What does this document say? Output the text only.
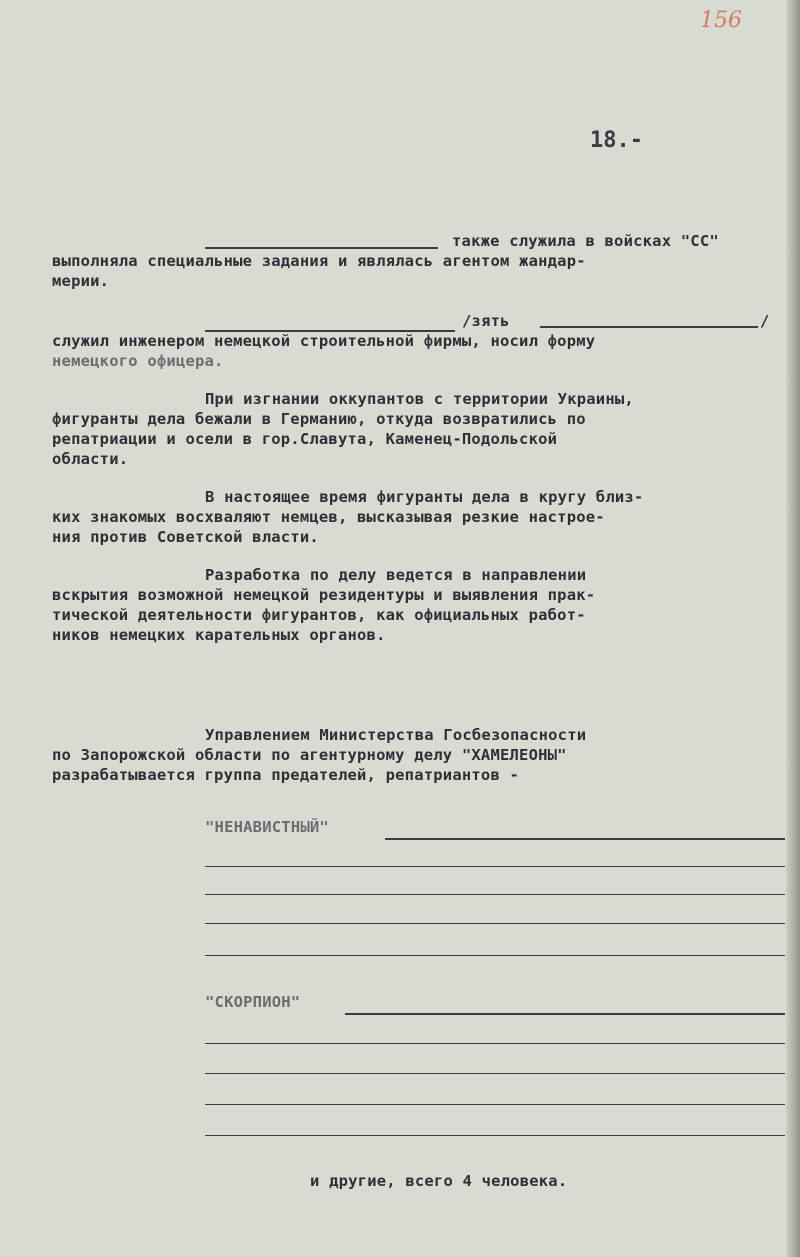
156
18.-
также служила в войсках "СС"
выполняла специальные задания и являлась агентом жандар-
мерии.
/зять	/
служил инженером немецкой строительной фирмы, носил форму
немецкого офицера.
При изгнании оккупантов с территории Украины,
фигуранты дела бежали в Германию, откуда возвратились по
репатриации и осели в гор.Славута, Каменец-Подольской
области.
В настоящее время фигуранты дела в кругу близ-
ких знакомых восхваляют немцев, высказывая резкие настрое-
ния против Советской власти.
Разработка по делу ведется в направлении
вскрытия возможной немецкой резидентуры и выявления прак-
тической деятельности фигурантов, как официальных работ-
ников немецких карательных органов.
Управлением Министерства Госбезопасности
по Запорожской области по агентурному делу "ХАМЕЛЕОНЫ"
разрабатывается группа предателей, репатриантов -
"НЕНАВИСТНЫЙ"
"СКОРПИОН"
и другие, всего 4 человека.
